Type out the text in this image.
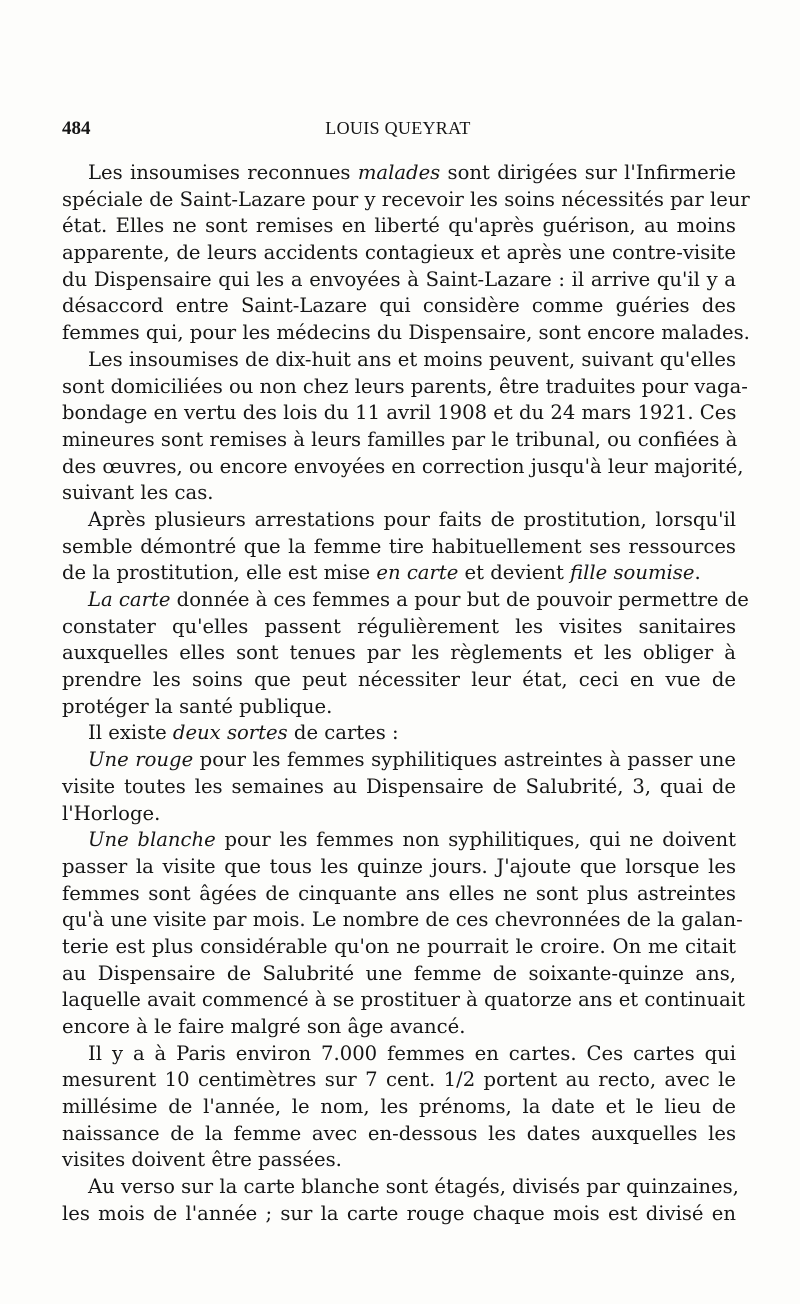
484	LOUIS QUEYRAT
Les insoumises reconnues malades sont dirigées sur l'Infirmerie
spéciale de Saint-Lazare pour y recevoir les soins nécessités par leur
état. Elles ne sont remises en liberté qu'après guérison, au moins
apparente, de leurs accidents contagieux et après une contre-visite
du Dispensaire qui les a envoyées à Saint-Lazare : il arrive qu'il y a
désaccord entre Saint-Lazare qui considère comme guéries des
femmes qui, pour les médecins du Dispensaire, sont encore malades.
Les insoumises de dix-huit ans et moins peuvent, suivant qu'elles
sont domiciliées ou non chez leurs parents, être traduites pour vaga-
bondage en vertu des lois du 11 avril 1908 et du 24 mars 1921. Ces
mineures sont remises à leurs familles par le tribunal, ou confiées à
des œuvres, ou encore envoyées en correction jusqu'à leur majorité,
suivant les cas.
Après plusieurs arrestations pour faits de prostitution, lorsqu'il
semble démontré que la femme tire habituellement ses ressources
de la prostitution, elle est mise en carte et devient fille soumise.
La carte donnée à ces femmes a pour but de pouvoir permettre de
constater qu'elles passent régulièrement les visites sanitaires
auxquelles elles sont tenues par les règlements et les obliger à
prendre les soins que peut nécessiter leur état, ceci en vue de
protéger la santé publique.
Il existe deux sortes de cartes :
Une rouge pour les femmes syphilitiques astreintes à passer une
visite toutes les semaines au Dispensaire de Salubrité, 3, quai de
l'Horloge.
Une blanche pour les femmes non syphilitiques, qui ne doivent
passer la visite que tous les quinze jours. J'ajoute que lorsque les
femmes sont âgées de cinquante ans elles ne sont plus astreintes
qu'à une visite par mois. Le nombre de ces chevronnées de la galan-
terie est plus considérable qu'on ne pourrait le croire. On me citait
au Dispensaire de Salubrité une femme de soixante-quinze ans,
laquelle avait commencé à se prostituer à quatorze ans et continuait
encore à le faire malgré son âge avancé.
Il y a à Paris environ 7.000 femmes en cartes. Ces cartes qui
mesurent 10 centimètres sur 7 cent. 1/2 portent au recto, avec le
millésime de l'année, le nom, les prénoms, la date et le lieu de
naissance de la femme avec en-dessous les dates auxquelles les
visites doivent être passées.
Au verso sur la carte blanche sont étagés, divisés par quinzaines,
les mois de l'année ; sur la carte rouge chaque mois est divisé en
